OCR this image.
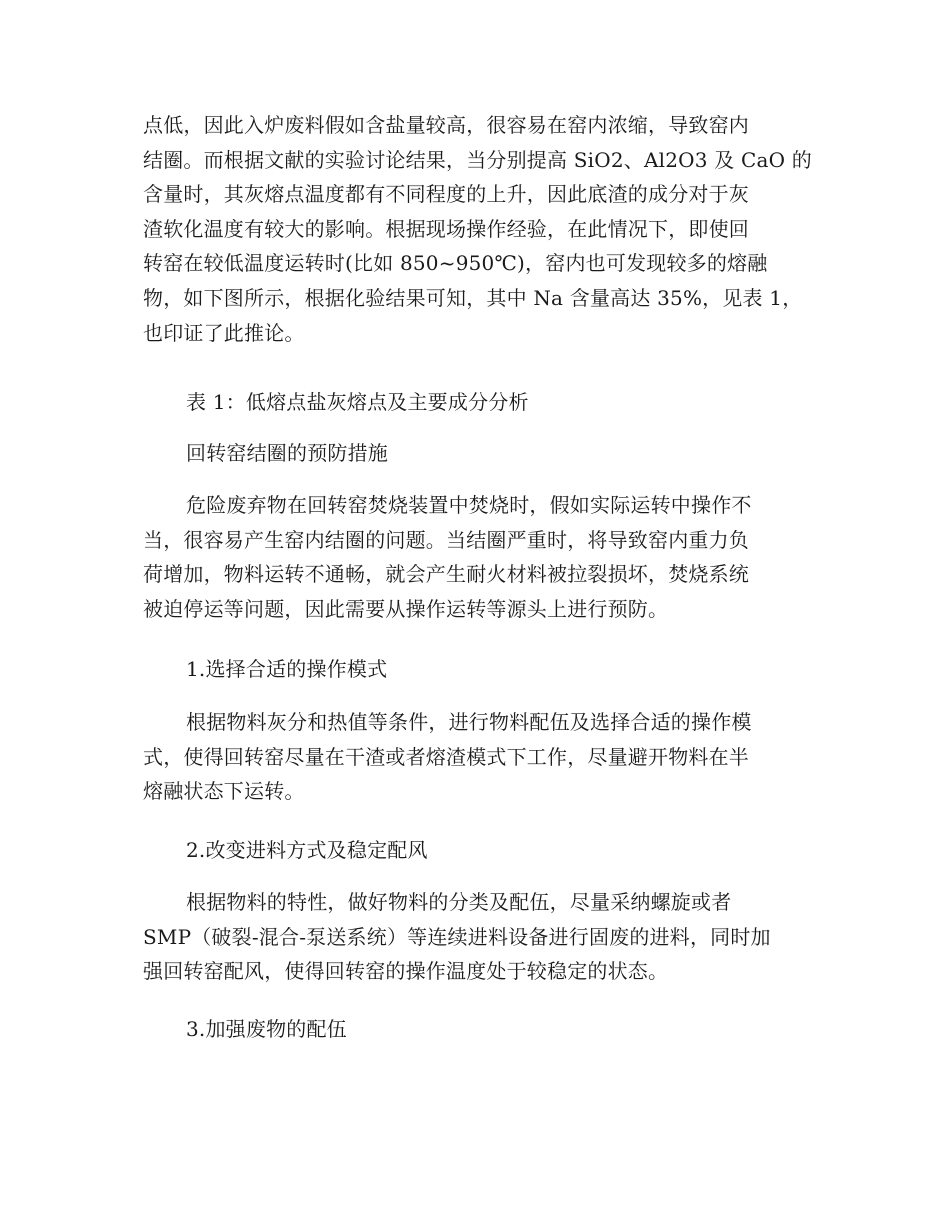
点低，因此入炉废料假如含盐量较高，很容易在窑内浓缩，导致窑内
结圈。而根据文献的实验讨论结果，当分别提高 SiO2、Al2O3 及 CaO 的
含量时，其灰熔点温度都有不同程度的上升，因此底渣的成分对于灰
渣软化温度有较大的影响。根据现场操作经验，在此情况下，即使回
转窑在较低温度运转时(比如 850~950℃)，窑内也可发现较多的熔融
物，如下图所示，根据化验结果可知，其中 Na 含量高达 35%，见表 1，
也印证了此推论。

表 1：低熔点盐灰熔点及主要成分分析

回转窑结圈的预防措施

危险废弃物在回转窑焚烧装置中焚烧时，假如实际运转中操作不
当，很容易产生窑内结圈的问题。当结圈严重时，将导致窑内重力负
荷增加，物料运转不通畅，就会产生耐火材料被拉裂损坏，焚烧系统
被迫停运等问题，因此需要从操作运转等源头上进行预防。

1.选择合适的操作模式

根据物料灰分和热值等条件，进行物料配伍及选择合适的操作模
式，使得回转窑尽量在干渣或者熔渣模式下工作，尽量避开物料在半
熔融状态下运转。

2.改变进料方式及稳定配风

根据物料的特性，做好物料的分类及配伍，尽量采纳螺旋或者
SMP（破裂-混合-泵送系统）等连续进料设备进行固废的进料，同时加
强回转窑配风，使得回转窑的操作温度处于较稳定的状态。

3.加强废物的配伍
